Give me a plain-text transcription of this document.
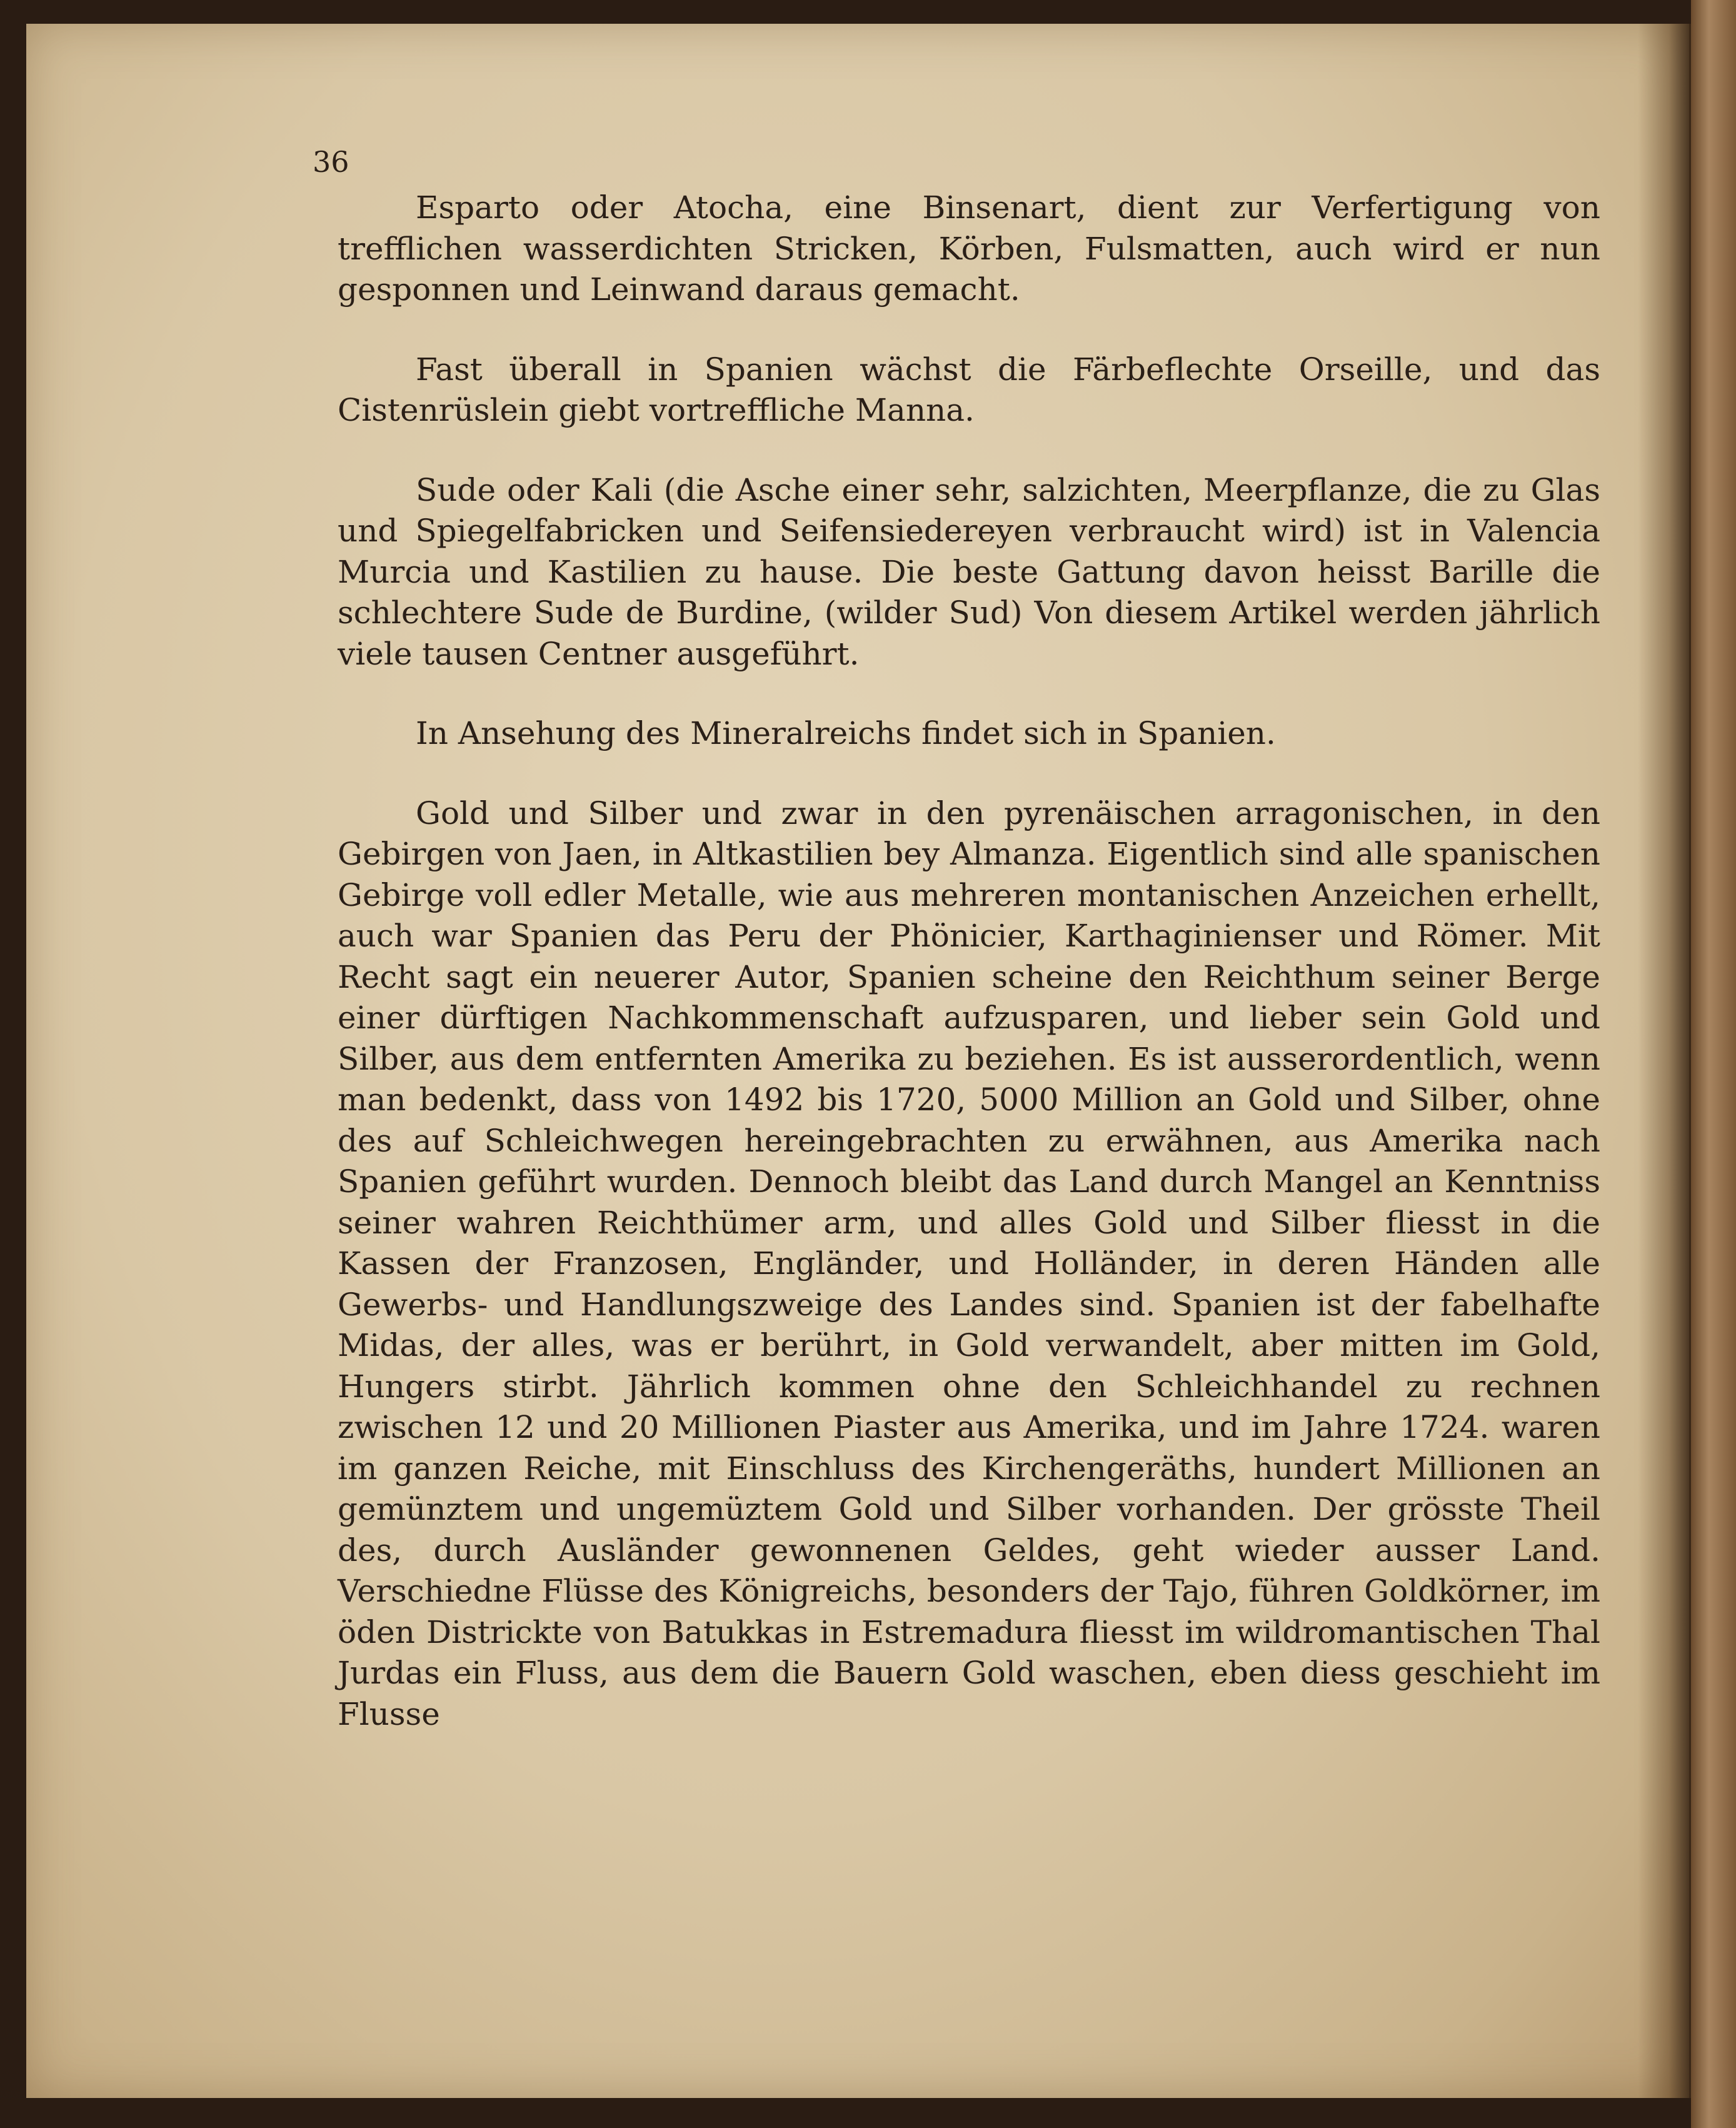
36

Esparto oder Atocha, eine Binsenart, dient zur Verfertigung von trefflichen wasserdichten Stricken, Körben, Fulsmatten, auch wird er nun gesponnen und Leinwand daraus gemacht.

Fast überall in Spanien wächst die Färbeflechte Orseille, und das Cistenrüslein giebt vortreffliche Manna.

Sude oder Kali (die Asche einer sehr, salzichten, Meerpflanze, die zu Glas und Spiegelfabricken und Seifensiedereyen verbraucht wird) ist in Valencia Murcia und Kastilien zu hause. Die beste Gattung davon heisst Barille die schlechtere Sude de Burdine, (wilder Sud) Von diesem Artikel werden jährlich viele tausen Centner ausgeführt.

In Ansehung des Mineralreichs findet sich in Spanien.

Gold und Silber und zwar in den pyrenäischen arragonischen, in den Gebirgen von Jaen, in Altkastilien bey Almanza. Eigentlich sind alle spanischen Gebirge voll edler Metalle, wie aus mehreren montanischen Anzeichen erhellt, auch war Spanien das Peru der Phönicier, Karthaginienser und Römer. Mit Recht sagt ein neuerer Autor, Spanien scheine den Reichthum seiner Berge einer dürftigen Nachkommenschaft aufzusparen, und lieber sein Gold und Silber, aus dem entfernten Amerika zu beziehen. Es ist ausserordentlich, wenn man bedenkt, dass von 1492 bis 1720, 5000 Million an Gold und Silber, ohne des auf Schleichwegen hereingebrachten zu erwähnen, aus Amerika nach Spanien geführt wurden. Dennoch bleibt das Land durch Mangel an Kenntniss seiner wahren Reichthümer arm, und alles Gold und Silber fliesst in die Kassen der Franzosen, Engländer, und Holländer, in deren Händen alle Gewerbs- und Handlungszweige des Landes sind. Spanien ist der fabelhafte Midas, der alles, was er berührt, in Gold verwandelt, aber mitten im Gold, Hungers stirbt. Jährlich kommen ohne den Schleichhandel zu rechnen zwischen 12 und 20 Millionen Piaster aus Amerika, und im Jahre 1724. waren im ganzen Reiche, mit Einschluss des Kirchengeräths, hundert Millionen an gemünztem und ungemüztem Gold und Silber vorhanden. Der grösste Theil des, durch Ausländer gewonnenen Geldes, geht wieder ausser Land. Verschiedne Flüsse des Königreichs, besonders der Tajo, führen Goldkörner, im öden Districkte von Batukkas in Estremadura fliesst im wildromantischen Thal Jurdas ein Fluss, aus dem die Bauern Gold waschen, eben diess geschieht im Flusse
